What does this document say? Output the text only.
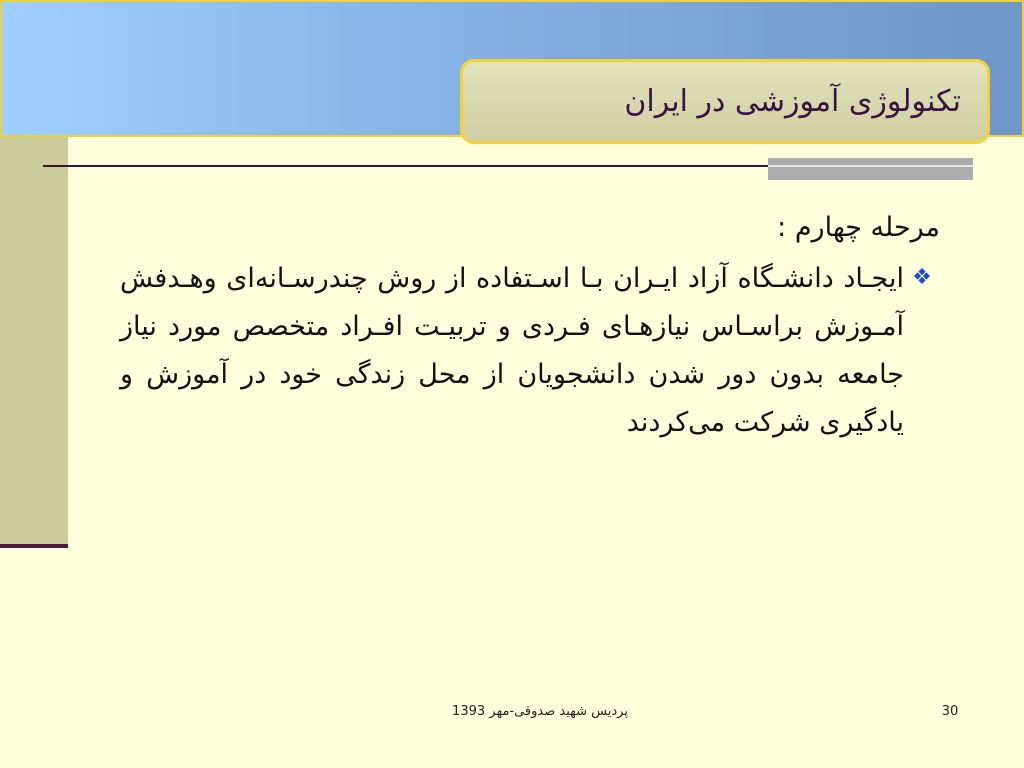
تکنولوژی آموزشی در ایران
مرحله چهارم :
❖
ایجـاد دانشـگاه آزاد ایـران بـا اسـتفاده از روش چندرسـانه‌ای وهـدفش آمـوزش براسـاس نیازهـای فـردی و تربیـت افـراد متخصص مورد نیاز جامعه بدون دور شدن دانشجویان از محل زندگی خود در آموزش و یادگیری شرکت می‌کردند
پردیس شهید صدوقی-مهر 1393	30
